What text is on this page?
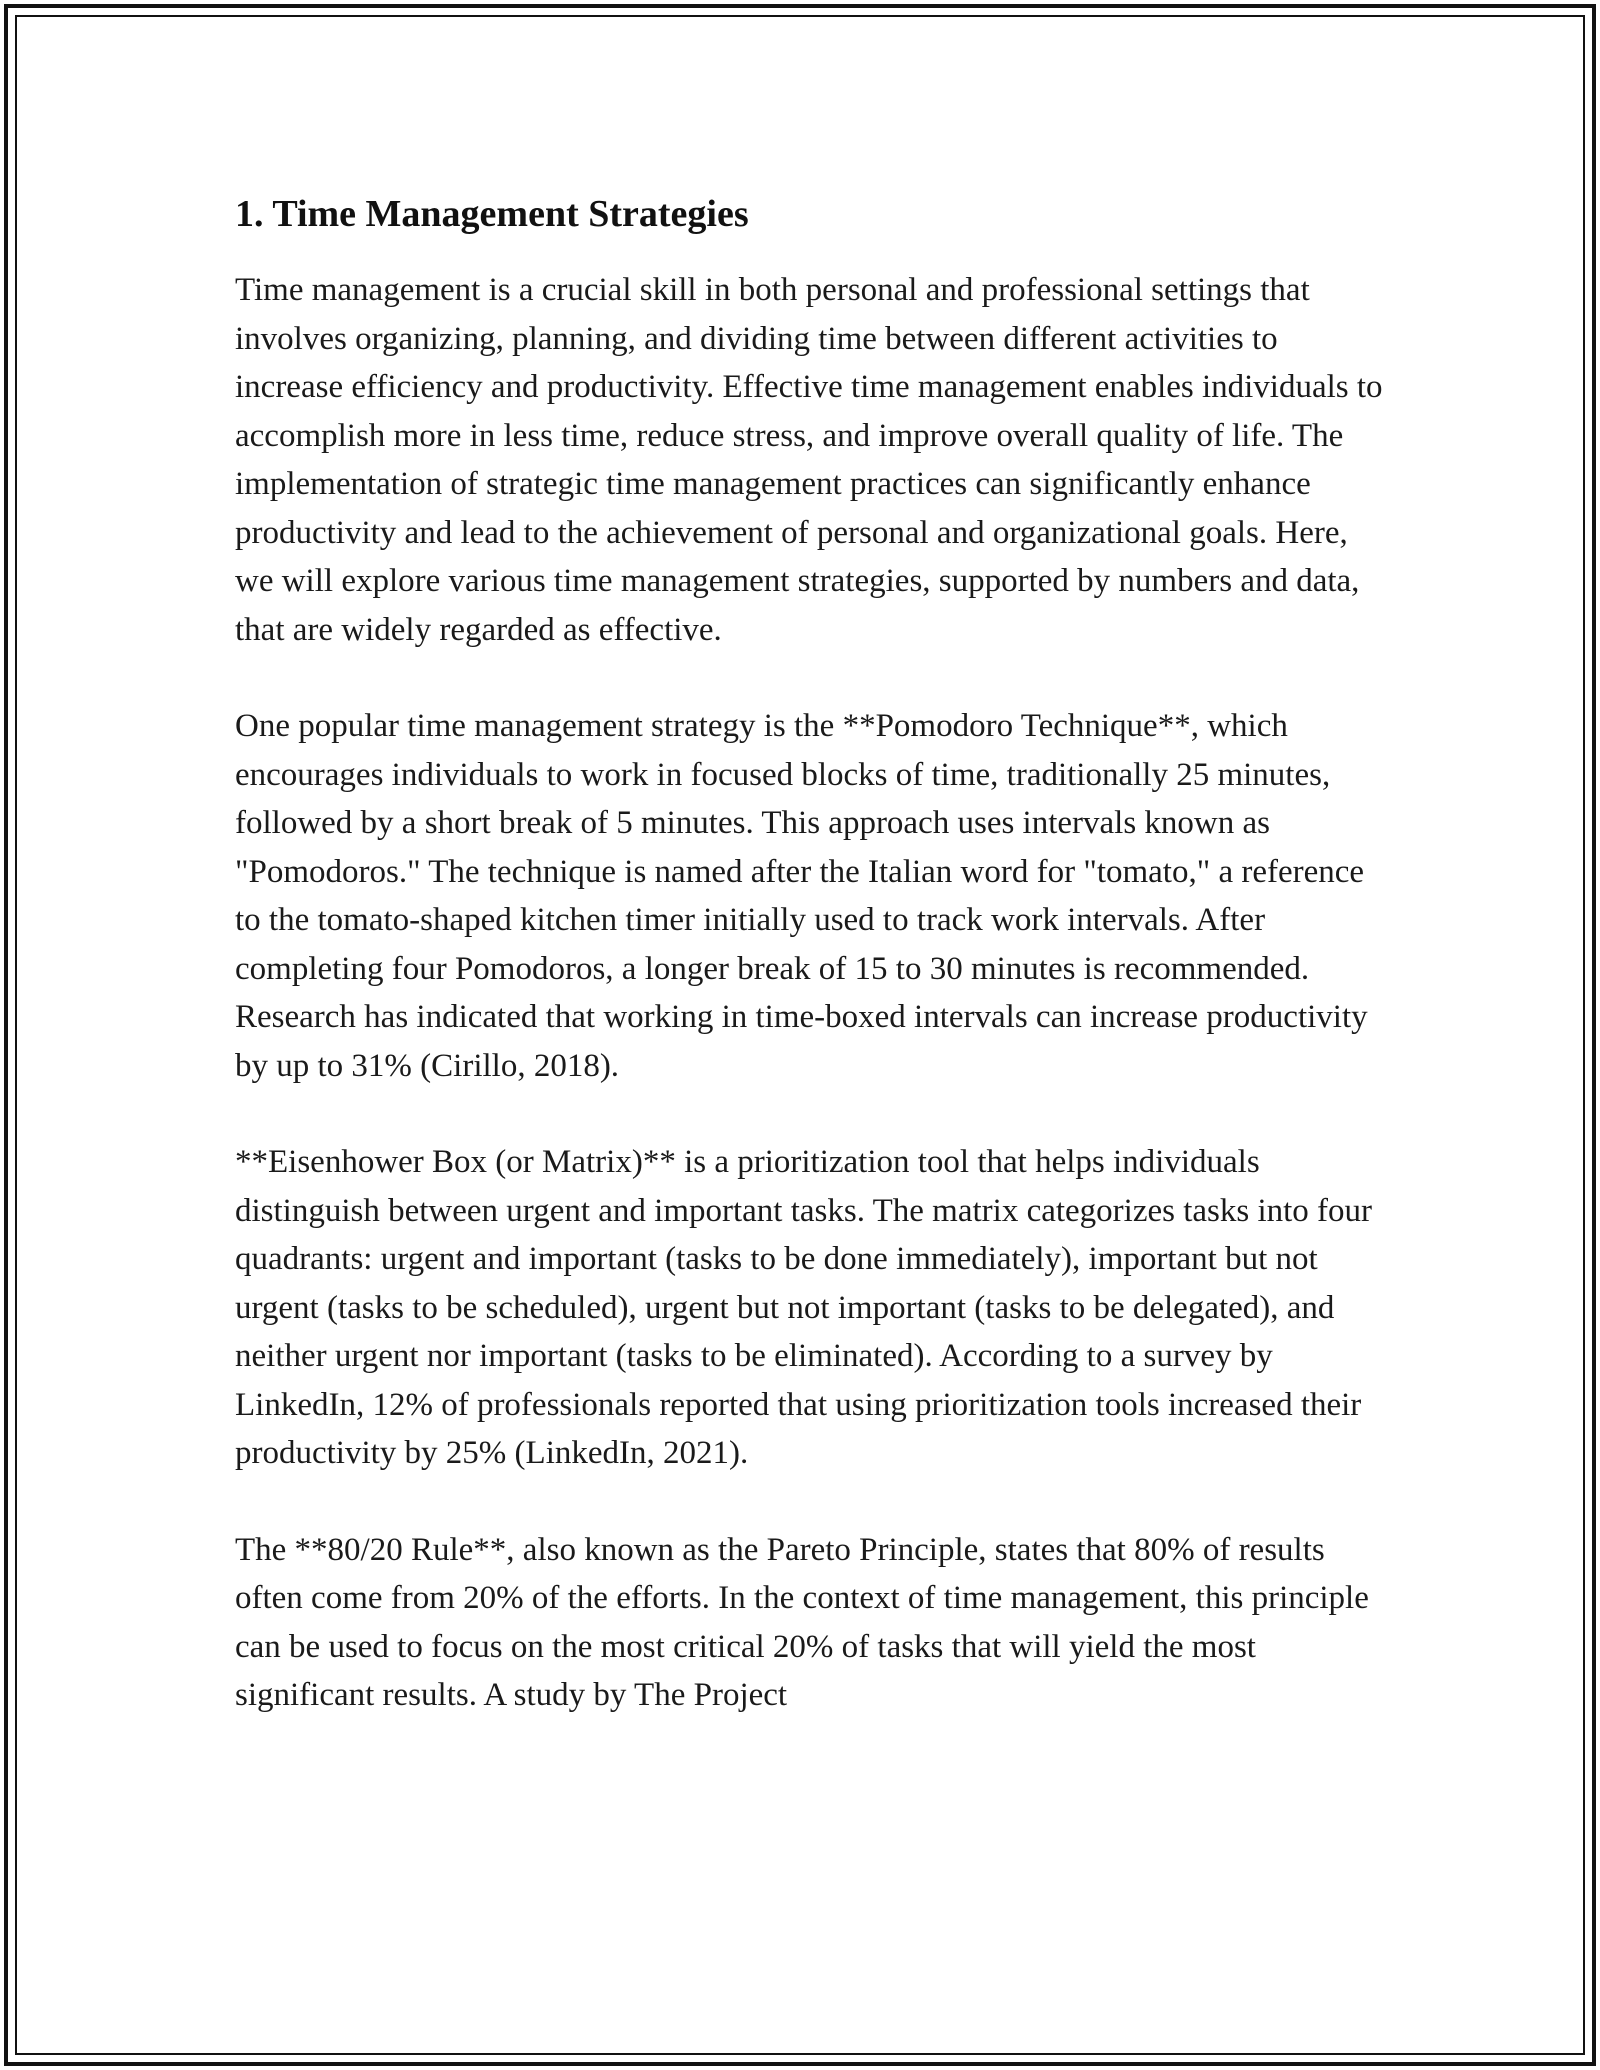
1. Time Management Strategies

Time management is a crucial skill in both personal and professional settings that involves organizing, planning, and dividing time between different activities to increase efficiency and productivity. Effective time management enables individuals to accomplish more in less time, reduce stress, and improve overall quality of life. The implementation of strategic time management practices can significantly enhance productivity and lead to the achievement of personal and organizational goals. Here, we will explore various time management strategies, supported by numbers and data, that are widely regarded as effective.

One popular time management strategy is the **Pomodoro Technique**, which encourages individuals to work in focused blocks of time, traditionally 25 minutes, followed by a short break of 5 minutes. This approach uses intervals known as "Pomodoros." The technique is named after the Italian word for "tomato," a reference to the tomato-shaped kitchen timer initially used to track work intervals. After completing four Pomodoros, a longer break of 15 to 30 minutes is recommended. Research has indicated that working in time-boxed intervals can increase productivity by up to 31% (Cirillo, 2018).

**Eisenhower Box (or Matrix)** is a prioritization tool that helps individuals distinguish between urgent and important tasks. The matrix categorizes tasks into four quadrants: urgent and important (tasks to be done immediately), important but not urgent (tasks to be scheduled), urgent but not important (tasks to be delegated), and neither urgent nor important (tasks to be eliminated). According to a survey by LinkedIn, 12% of professionals reported that using prioritization tools increased their productivity by 25% (LinkedIn, 2021).

The **80/20 Rule**, also known as the Pareto Principle, states that 80% of results often come from 20% of the efforts. In the context of time management, this principle can be used to focus on the most critical 20% of tasks that will yield the most significant results. A study by The Project
